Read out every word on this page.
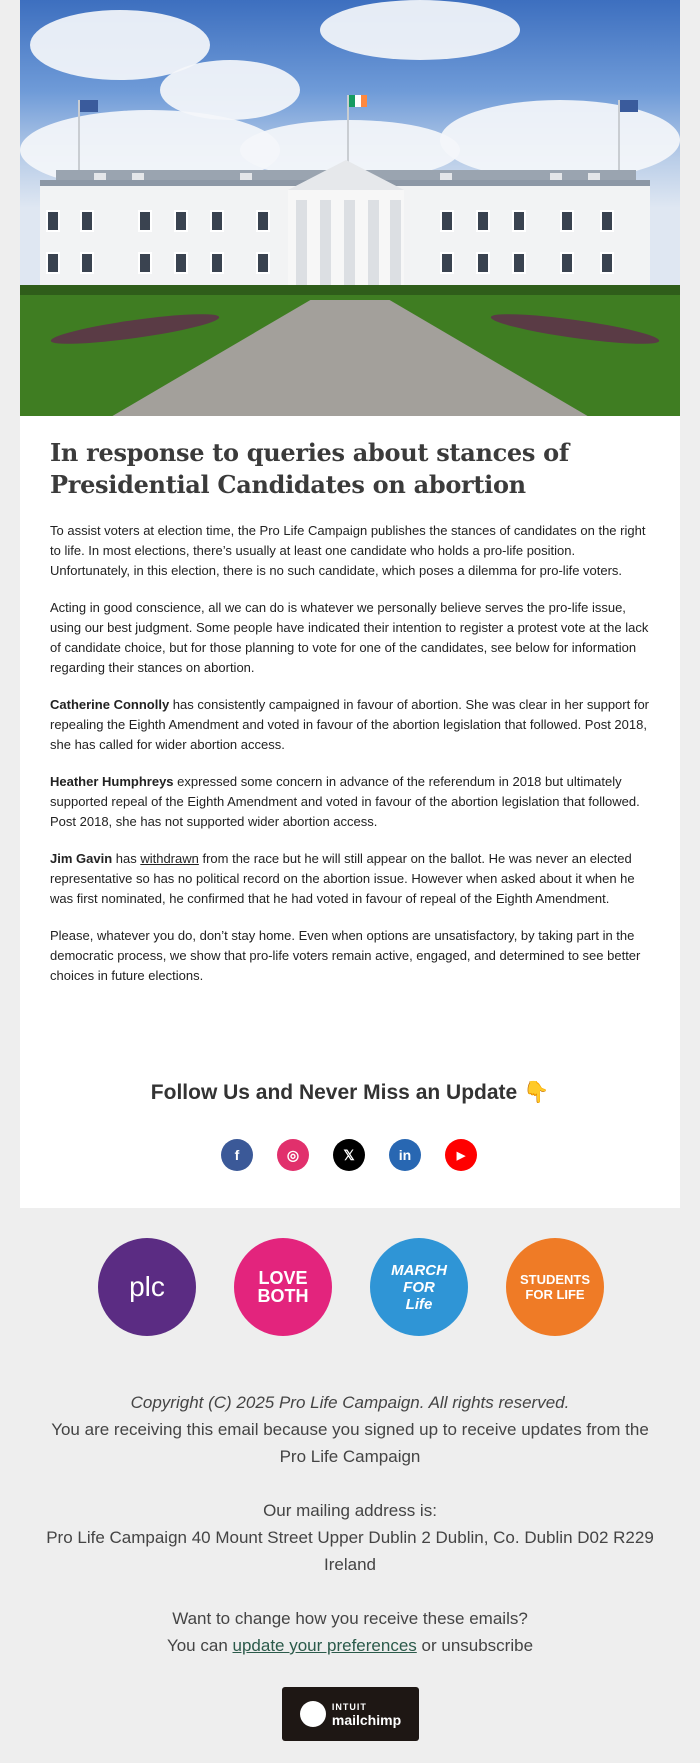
In response to queries about stances of Presidential Candidates on abortion

To assist voters at election time, the Pro Life Campaign publishes the stances of candidates on the right to life. In most elections, there’s usually at least one candidate who holds a pro-life position. Unfortunately, in this election, there is no such candidate, which poses a dilemma for pro-life voters.

Acting in good conscience, all we can do is whatever we personally believe serves the pro-life issue, using our best judgment. Some people have indicated their intention to register a protest vote at the lack of candidate choice, but for those planning to vote for one of the candidates, see below for information regarding their stances on abortion.

Catherine Connolly has consistently campaigned in favour of abortion. She was clear in her support for repealing the Eighth Amendment and voted in favour of the abortion legislation that followed. Post 2018, she has called for wider abortion access.

Heather Humphreys expressed some concern in advance of the referendum in 2018 but ultimately supported repeal of the Eighth Amendment and voted in favour of the abortion legislation that followed. Post 2018, she has not supported wider abortion access.

Jim Gavin has withdrawn from the race but he will still appear on the ballot. He was never an elected representative so has no political record on the abortion issue. However when asked about it when he was first nominated, he confirmed that he had voted in favour of repeal of the Eighth Amendment.

Please, whatever you do, don’t stay home. Even when options are unsatisfactory, by taking part in the democratic process, we show that pro-life voters remain active, engaged, and determined to see better choices in future elections.

Follow Us and Never Miss an Update 👇
f	◎	𝕏	in	▶
plc	LOVE BOTH
MARCH FOR Life
STUDENTS FOR LIFE
Copyright (C) 2025 Pro Life Campaign. All rights reserved.
You are receiving this email because you signed up to receive updates from the Pro Life Campaign
Our mailing address is:
Pro Life Campaign 40 Mount Street Upper Dublin 2 Dublin, Co. Dublin D02 R229 Ireland
Want to change how you receive these emails?
You can update your preferences or unsubscribe
INTUIT
mailchimp
